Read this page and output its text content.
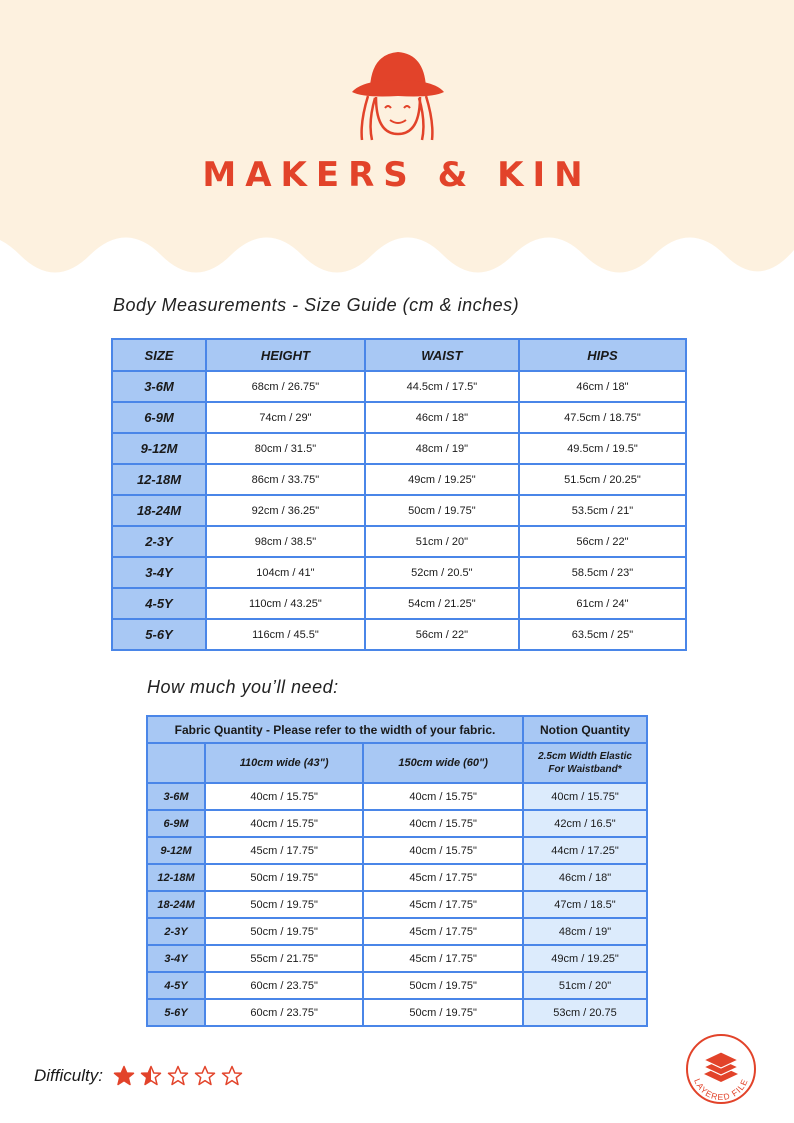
MAKERS & KIN
Body Measurements - Size Guide (cm & inches)
SIZE	HEIGHT	WAIST	HIPS
3-6M	68cm / 26.75"	44.5cm / 17.5"	46cm / 18"
6-9M	74cm / 29"	46cm / 18"	47.5cm / 18.75"
9-12M	80cm / 31.5"	48cm / 19"	49.5cm / 19.5"
12-18M	86cm / 33.75"	49cm / 19.25"	51.5cm / 20.25"
18-24M	92cm / 36.25"	50cm / 19.75"	53.5cm / 21"
2-3Y	98cm / 38.5"	51cm / 20"	56cm / 22"
3-4Y	104cm / 41"	52cm / 20.5"	58.5cm / 23"
4-5Y	110cm / 43.25"	54cm / 21.25"	61cm / 24"
5-6Y	116cm / 45.5"	56cm / 22"	63.5cm / 25"
How much you’ll need:
Fabric Quantity - Please refer to the width of your fabric.			Notion Quantity
	110cm wide (43")	150cm wide (60")	2.5cm Width Elastic
For Waistband*
3-6M	40cm / 15.75"	40cm / 15.75"	40cm / 15.75"
6-9M	40cm / 15.75"	40cm / 15.75"	42cm / 16.5"
9-12M	45cm / 17.75"	40cm / 15.75"	44cm / 17.25"
12-18M	50cm / 19.75"	45cm / 17.75"	46cm / 18"
18-24M	50cm / 19.75"	45cm / 17.75"	47cm / 18.5"
2-3Y	50cm / 19.75"	45cm / 17.75"	48cm / 19"
3-4Y	55cm / 21.75"	45cm / 17.75"	49cm / 19.25"
4-5Y	60cm / 23.75"	50cm / 19.75"	51cm / 20"
5-6Y	60cm / 23.75"	50cm / 19.75"	53cm / 20.75
Difficulty:	LAYERED FILE
